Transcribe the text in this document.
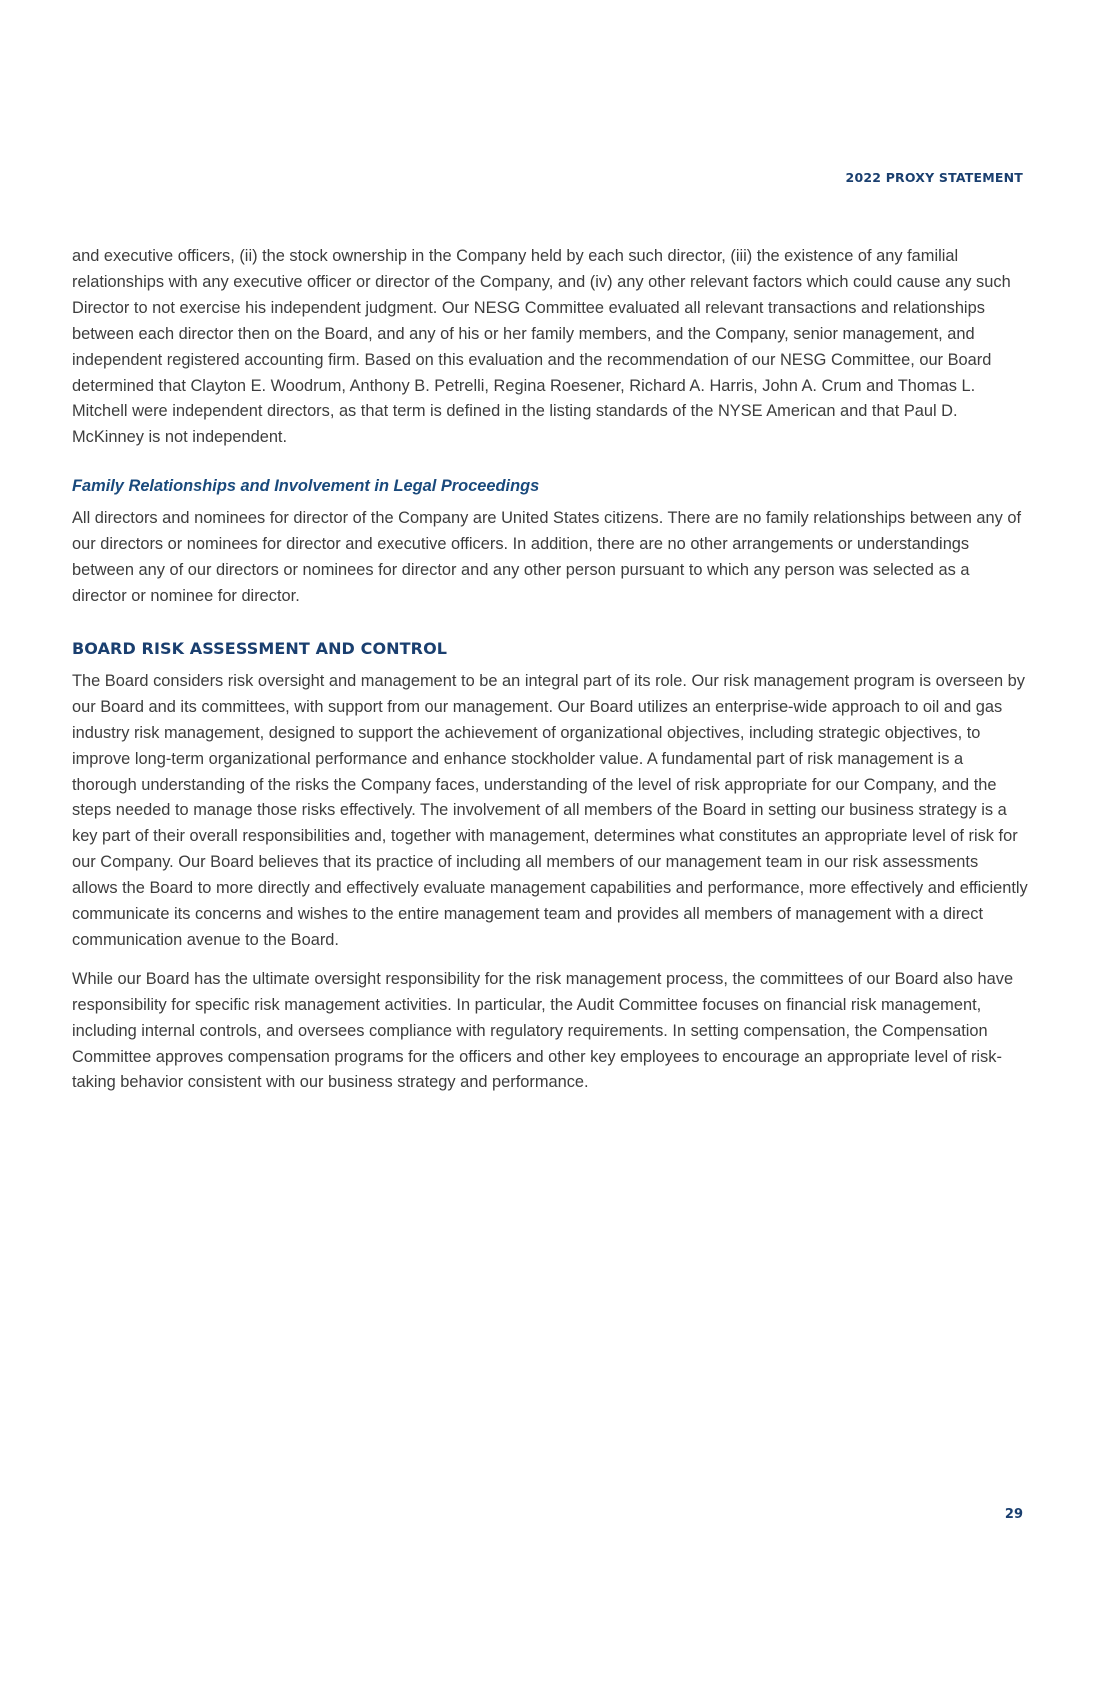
2022 PROXY STATEMENT

and executive officers, (ii) the stock ownership in the Company held by each such director, (iii) the existence of any familial relationships with any executive officer or director of the Company, and (iv) any other relevant factors which could cause any such Director to not exercise his independent judgment. Our NESG Committee evaluated all relevant transactions and relationships between each director then on the Board, and any of his or her family members, and the Company, senior management, and independent registered accounting firm. Based on this evaluation and the recommendation of our NESG Committee, our Board determined that Clayton E. Woodrum, Anthony B. Petrelli, Regina Roesener, Richard A. Harris, John A. Crum and Thomas L. Mitchell were independent directors, as that term is defined in the listing standards of the NYSE American and that Paul D. McKinney is not independent.

Family Relationships and Involvement in Legal Proceedings

All directors and nominees for director of the Company are United States citizens. There are no family relationships between any of our directors or nominees for director and executive officers. In addition, there are no other arrangements or understandings between any of our directors or nominees for director and any other person pursuant to which any person was selected as a director or nominee for director.

BOARD RISK ASSESSMENT AND CONTROL

The Board considers risk oversight and management to be an integral part of its role. Our risk management program is overseen by our Board and its committees, with support from our management. Our Board utilizes an enterprise-wide approach to oil and gas industry risk management, designed to support the achievement of organizational objectives, including strategic objectives, to improve long-term organizational performance and enhance stockholder value. A fundamental part of risk management is a thorough understanding of the risks the Company faces, understanding of the level of risk appropriate for our Company, and the steps needed to manage those risks effectively. The involvement of all members of the Board in setting our business strategy is a key part of their overall responsibilities and, together with management, determines what constitutes an appropriate level of risk for our Company. Our Board believes that its practice of including all members of our management team in our risk assessments allows the Board to more directly and effectively evaluate management capabilities and performance, more effectively and efficiently communicate its concerns and wishes to the entire management team and provides all members of management with a direct communication avenue to the Board.

While our Board has the ultimate oversight responsibility for the risk management process, the committees of our Board also have responsibility for specific risk management activities. In particular, the Audit Committee focuses on financial risk management, including internal controls, and oversees compliance with regulatory requirements. In setting compensation, the Compensation Committee approves compensation programs for the officers and other key employees to encourage an appropriate level of risk-taking behavior consistent with our business strategy and performance.

29
